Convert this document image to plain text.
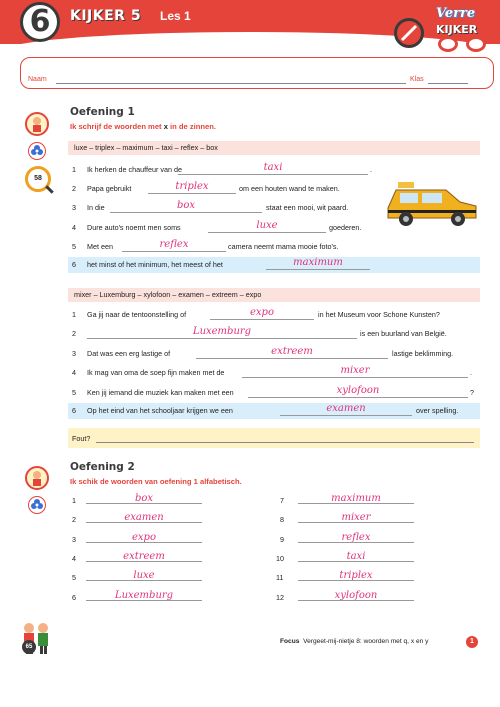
6	KIJKER 5 Les 1	Verre
KIJKER
Naam	Klas
58
Oefening 1
Ik schrijf de woorden met x in de zinnen.
luxe – triplex – maximum – taxi – reflex – box
1 Ik herken de chauffeur van de	taxi	.
2 Papa gebruikt	triplex	om een houten wand te maken.
3 In die	box	staat een mooi, wit paard.
4 Dure auto's noemt men soms	luxe	goederen.
5 Met een	reflex	camera neemt mama mooie foto's.
6 het minst of het minimum, het meest of het	maximum
mixer – Luxemburg – xylofoon – examen – extreem – expo
1 Ga jij naar de tentoonstelling of	expo	in het Museum voor Schone Kunsten?
2	Luxemburg	is een buurland van België.
3 Dat was een erg lastige of	extreem	lastige beklimming.
4 Ik mag van oma de soep fijn maken met de	mixer	.
5 Ken jij iemand die muziek kan maken met een	xylofoon	?
6 Op het eind van het schooljaar krijgen we een	examen	over spelling.
Fout?
Oefening 2
Ik schik de woorden van oefening 1 alfabetisch.
1	box
2	examen
3	expo
4	extreem
5	luxe
6	Luxemburg
7	maximum
8	mixer
9	reflex
10	taxi
11	triplex
12	xylofoon
65
Focus Vergeet-mij-nietje 8: woorden met q, x en y	1
